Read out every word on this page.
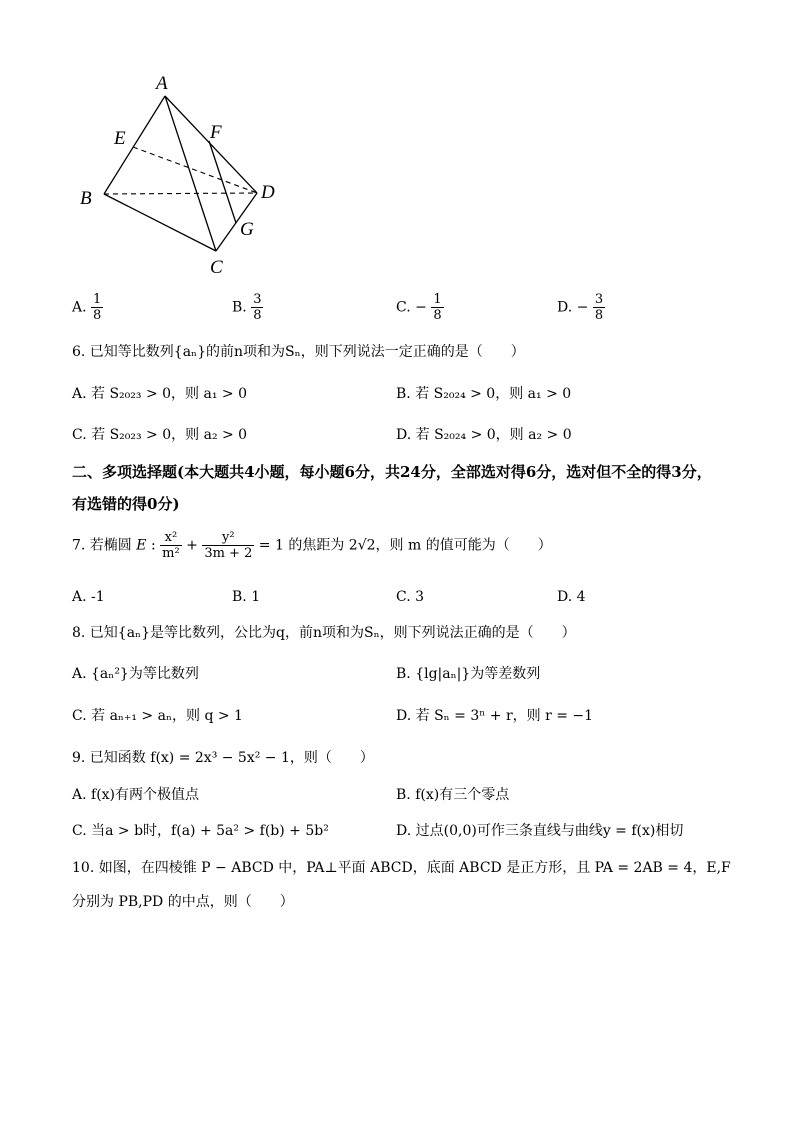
A
E	F
B	D
G
C
A. $\frac{1}{8}$	B. $\frac{3}{8}$	C. − $\frac{1}{8}$	D. − $\frac{3}{8}$
6. 已知等比数列{aₙ}的前n项和为Sₙ，则下列说法一定正确的是（　　）
A. 若 S₂₀₂₃ > 0，则 a₁ > 0	B. 若 S₂₀₂₄ > 0，则 a₁ > 0
C. 若 S₂₀₂₃ > 0，则 a₂ > 0	D. 若 S₂₀₂₄ > 0，则 a₂ > 0
二、多项选择题(本大题共4小题，每小题6分，共24分，全部选对得6分，选对但不全的得3分，有选错的得0分)
7. 若椭圆 E : $\frac{\text{x²}}{\text{m²}} + \frac{\text{y²}}{3m + 2} = 1$ 的焦距为 2√2，则 m 的值可能为（　　）
A. -1	B. 1	C. 3	D. 4
8. 已知{aₙ}是等比数列，公比为q，前n项和为Sₙ，则下列说法正确的是（　　）
A. {aₙ²}为等比数列	B. {lg|aₙ|}为等差数列
C. 若 aₙ₊₁ > aₙ，则 q > 1	D. 若 Sₙ = 3ⁿ + r，则 r = −1
9. 已知函数 f(x) = 2x³ − 5x² − 1，则（　　）
A. f(x)有两个极值点	B. f(x)有三个零点
C. 当a > b时，f(a) + 5a² > f(b) + 5b²	D. 过点(0,0)可作三条直线与曲线y = f(x)相切
10. 如图，在四棱锥 P − ABCD 中，PA⊥平面 ABCD，底面 ABCD 是正方形，且 PA = 2AB = 4，E,F
分别为 PB,PD 的中点，则（　　）
